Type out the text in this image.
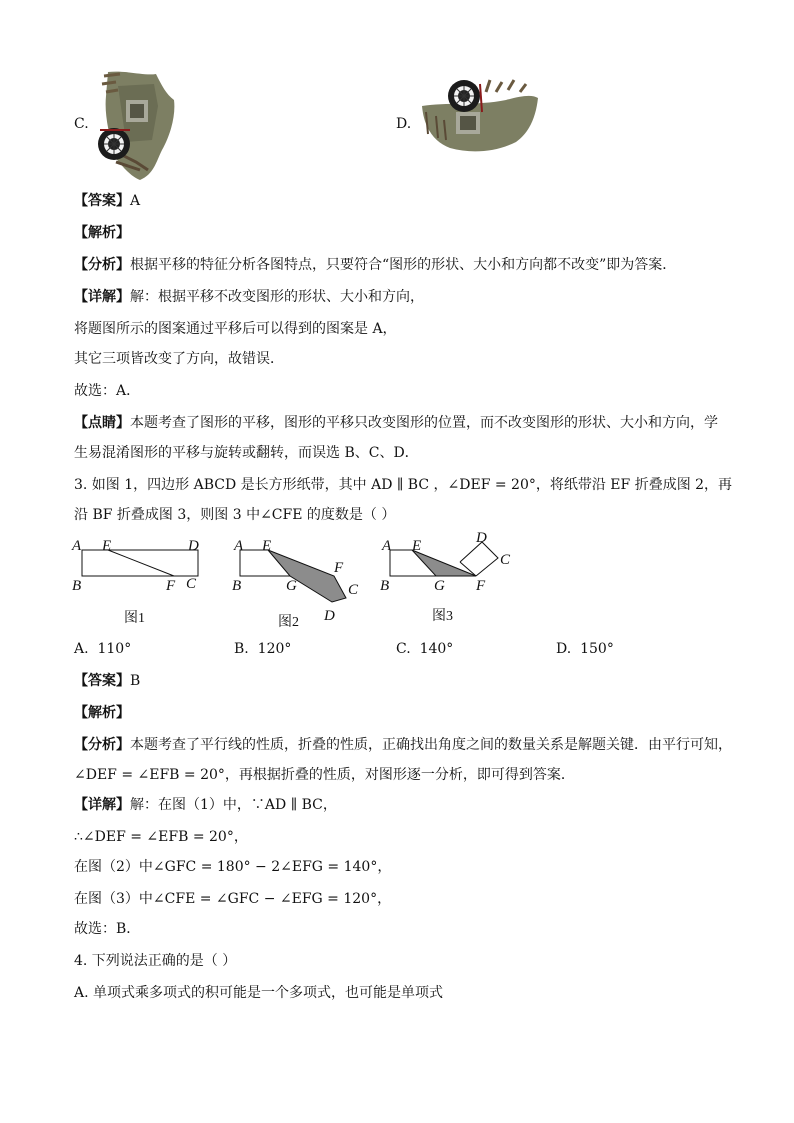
C.	D.
【答案】A
【解析】
【分析】根据平移的特征分析各图特点，只要符合“图形的形状、大小和方向都不改变”即为答案．
【详解】解：根据平移不改变图形的形状、大小和方向，
将题图所示的图案通过平移后可以得到的图案是 A，
其它三项皆改变了方向，故错误．
故选：A．
【点睛】本题考查了图形的平移，图形的平移只改变图形的位置，而不改变图形的形状、大小和方向，学
生易混淆图形的平移与旋转或翻转，而误选 B、C、D．
3. 如图 1，四边形 ABCD 是长方形纸带，其中 AD ∥ BC ，∠DEF = 20°，将纸带沿 EF 折叠成图 2，再
沿 BF 折叠成图 3，则图 3 中∠CFE 的度数是（ ）
A E	D
B	F C
图1
A E
B	G
F
C
D
图2
A E	D
C
B	G F
图3
A. 110°	B. 120°	C. 140°	D. 150°
【答案】B
【解析】
【分析】本题考查了平行线的性质，折叠的性质，正确找出角度之间的数量关系是解题关键．由平行可知，
∠DEF = ∠EFB = 20°，再根据折叠的性质，对图形逐一分析，即可得到答案．
【详解】解：在图（1）中，∵AD ∥ BC，
∴∠DEF = ∠EFB = 20°，
在图（2）中∠GFC = 180° − 2∠EFG = 140°，
在图（3）中∠CFE = ∠GFC − ∠EFG = 120°，
故选：B．
4. 下列说法正确的是（ ）
A. 单项式乘多项式的积可能是一个多项式，也可能是单项式
